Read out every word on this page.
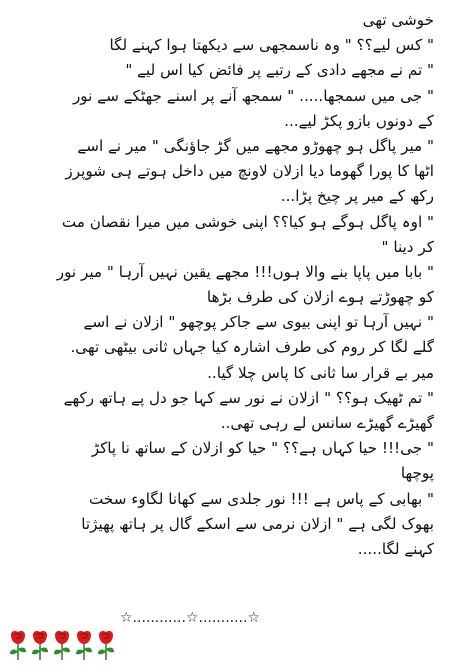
خوشی تھی
" کس لیے؟؟ " وہ ناسمجھی سے دیکھتا ہوا کہنے لگا
" تم نے مجھے دادی کے رتبے پر فائض کیا اس لیے "
" جی میں سمجھا..... " سمجھ آنے پر اسنے جھٹکے سے نور
کے دونوں بازو پکڑ لیے...
" میر پاگل ہو چھوڑو مجھے میں گڑ جاؤنگی " میر نے اسے
اٹھا کا پورا گھوما دیا ازلان لاونچ میں داخل ہوتے ہی شوپرز
رکھ کے میر پر چیخ پڑا...
" اوہ پاگل ہوگے ہو کیا؟؟ اپنی خوشی میں میرا نقصان مت
کر دینا "
" بابا میں پاپا بنے والا ہوں!!! مجھے یقین نہیں آرہا " میر نور
کو چھوڑتے ہوے ازلان کی طرف بڑھا
" نہیں آرہا تو اپنی بیوی سے جاکر پوچھو " ازلان نے اسے
گلے لگا کر روم کی طرف اشارہ کیا جہاں ثانی بیٹھی تھی.
میر بے قرار سا ثانی کا پاس چلا گیا..
" تم ٹھیک ہو؟؟ " ازلان نے نور سے کہا جو دل پے ہاتھ رکھے
گھیڑے گھیڑے سانس لے رہی تھی..
" جی!!! حیا کہاں ہے؟؟ " حیا کو ازلان کے ساتھ نا پاکڑ
پوچھا
" بھابی کے پاس ہے !!! نور جلدی سے کھانا لگاوء سخت
بھوک لگی ہے " ازلان نرمی سے اسکے گال پر ہاتھ پھیژتا
کہنے لگا.....
☆............☆...........☆
